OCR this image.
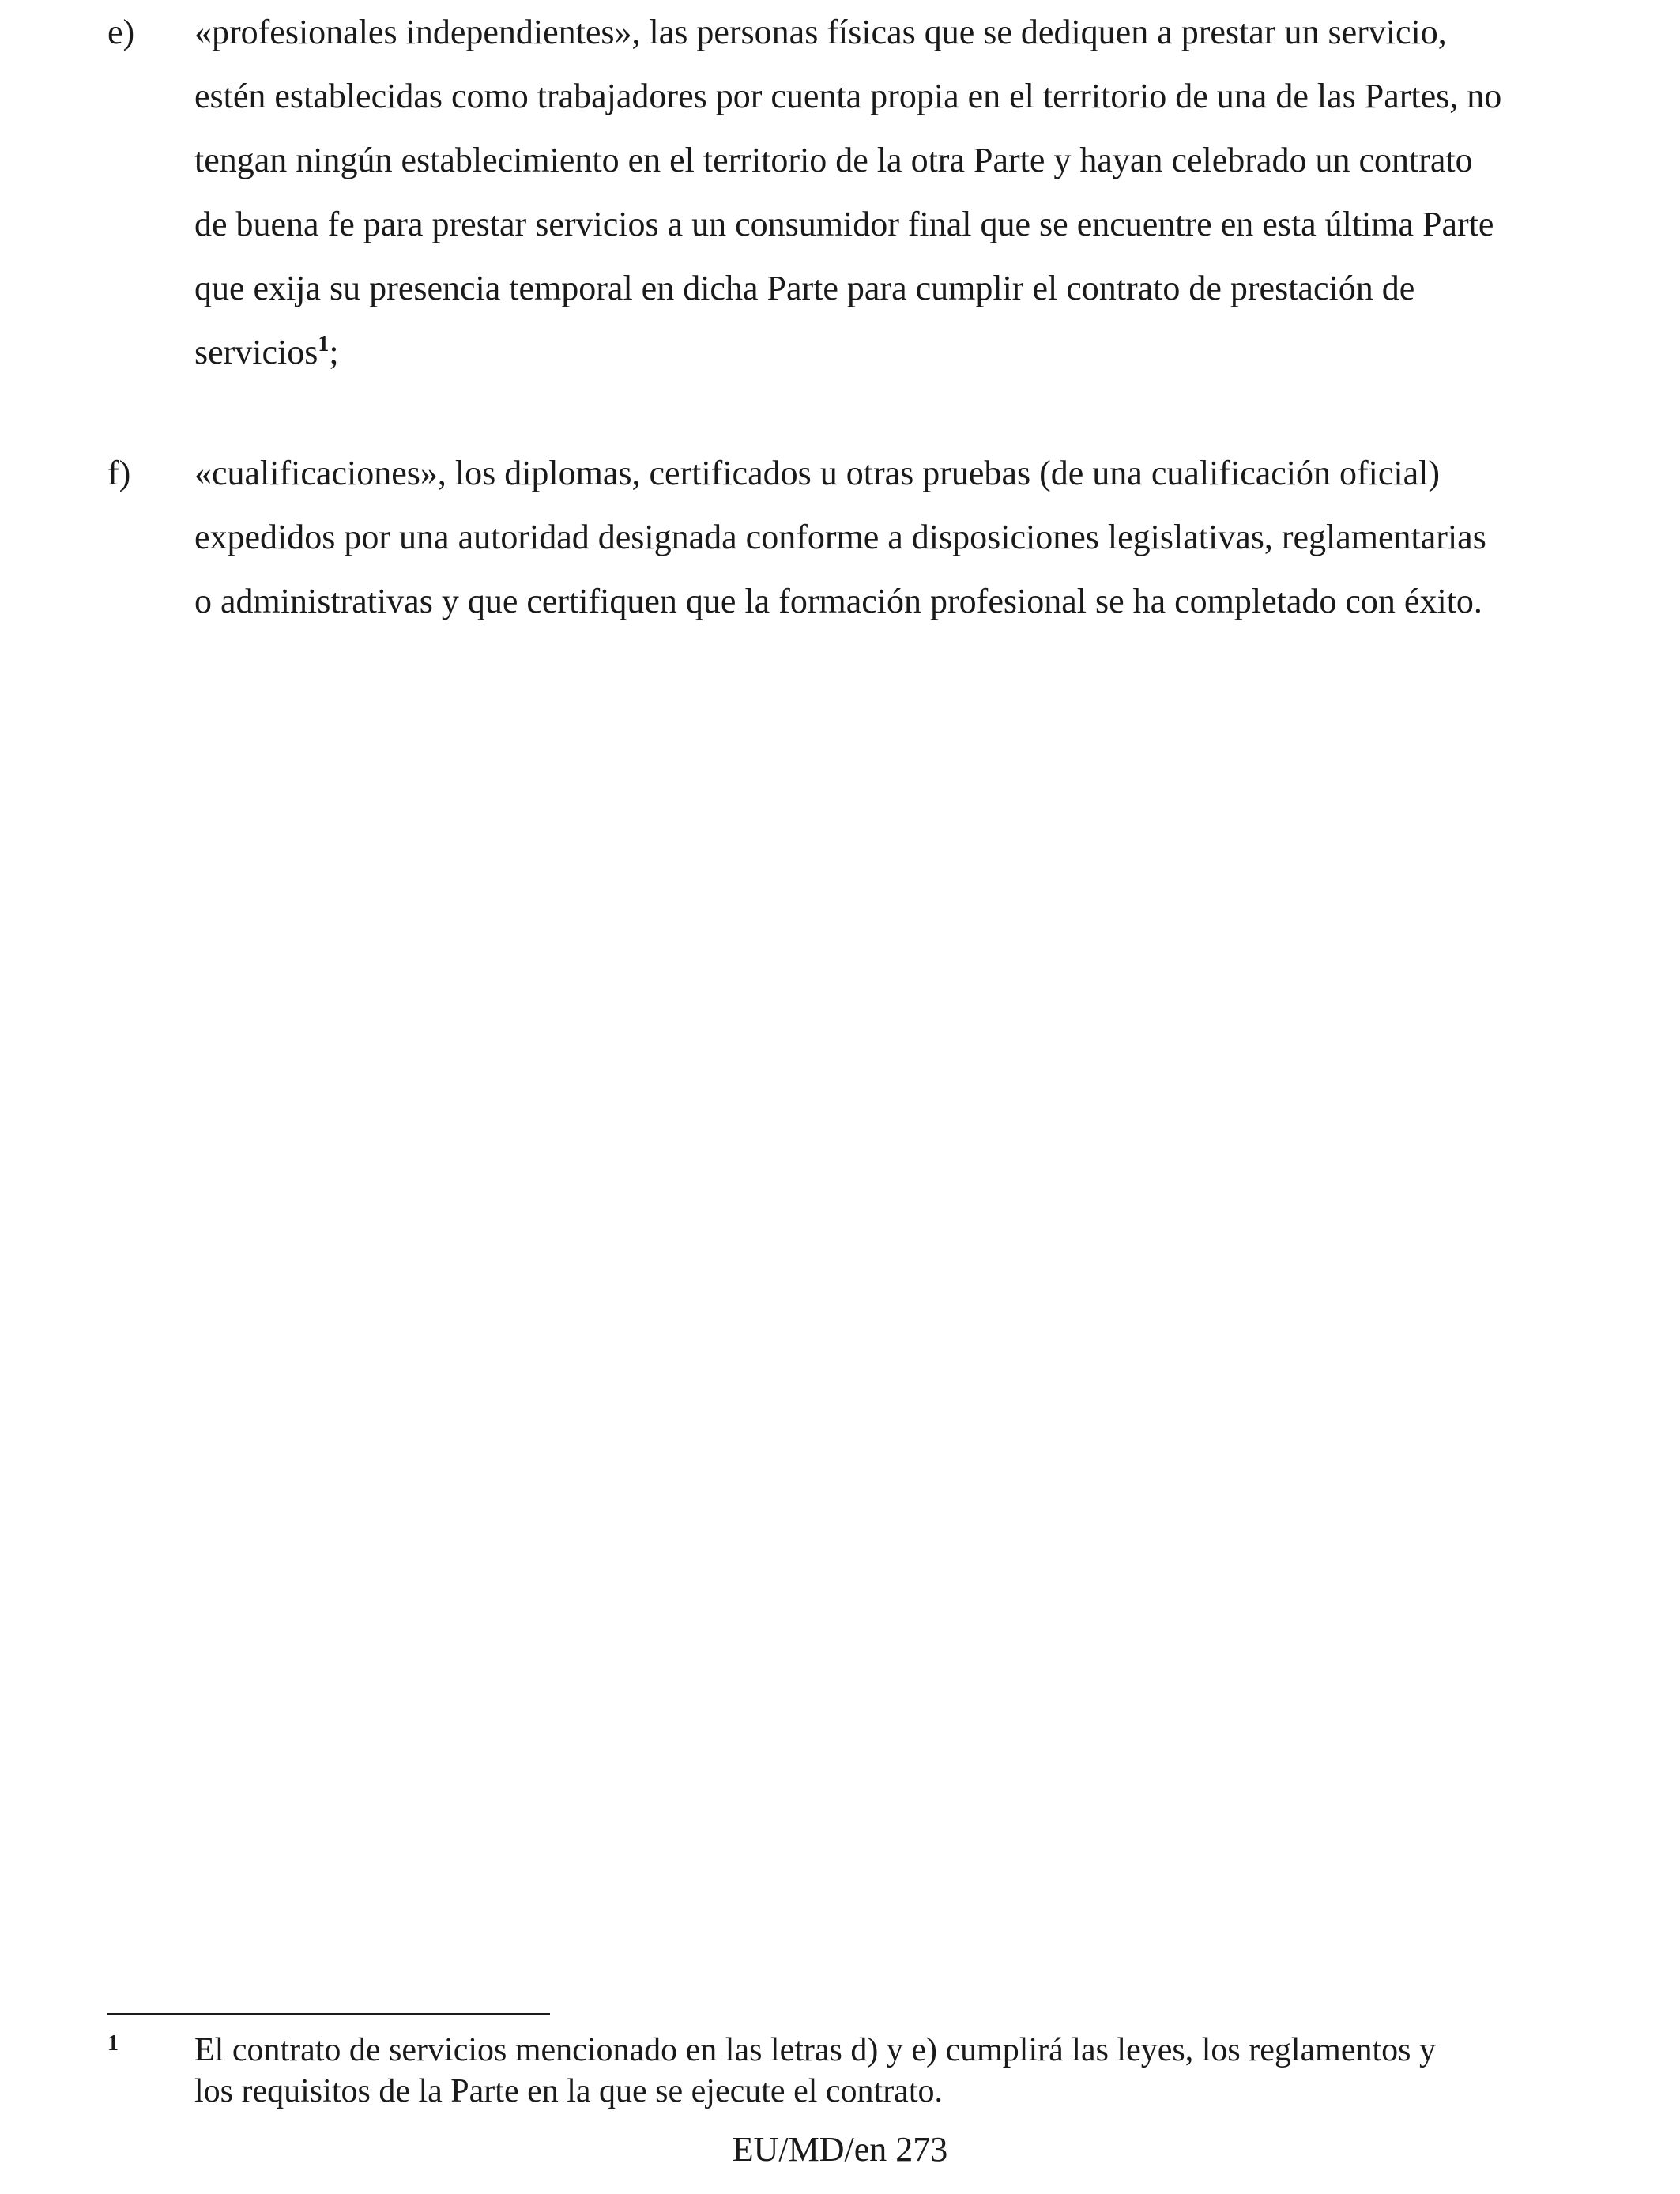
e) «profesionales independientes», las personas físicas que se dediquen a prestar un servicio,
estén establecidas como trabajadores por cuenta propia en el territorio de una de las Partes, no
tengan ningún establecimiento en el territorio de la otra Parte y hayan celebrado un contrato
de buena fe para prestar servicios a un consumidor final que se encuentre en esta última Parte
que exija su presencia temporal en dicha Parte para cumplir el contrato de prestación de
servicios$^1$;
f) «cualificaciones», los diplomas, certificados u otras pruebas (de una cualificación oficial)
expedidos por una autoridad designada conforme a disposiciones legislativas, reglamentarias
o administrativas y que certifiquen que la formación profesional se ha completado con éxito.
1 El contrato de servicios mencionado en las letras d) y e) cumplirá las leyes, los reglamentos y
los requisitos de la Parte en la que se ejecute el contrato.
EU/MD/en 273
